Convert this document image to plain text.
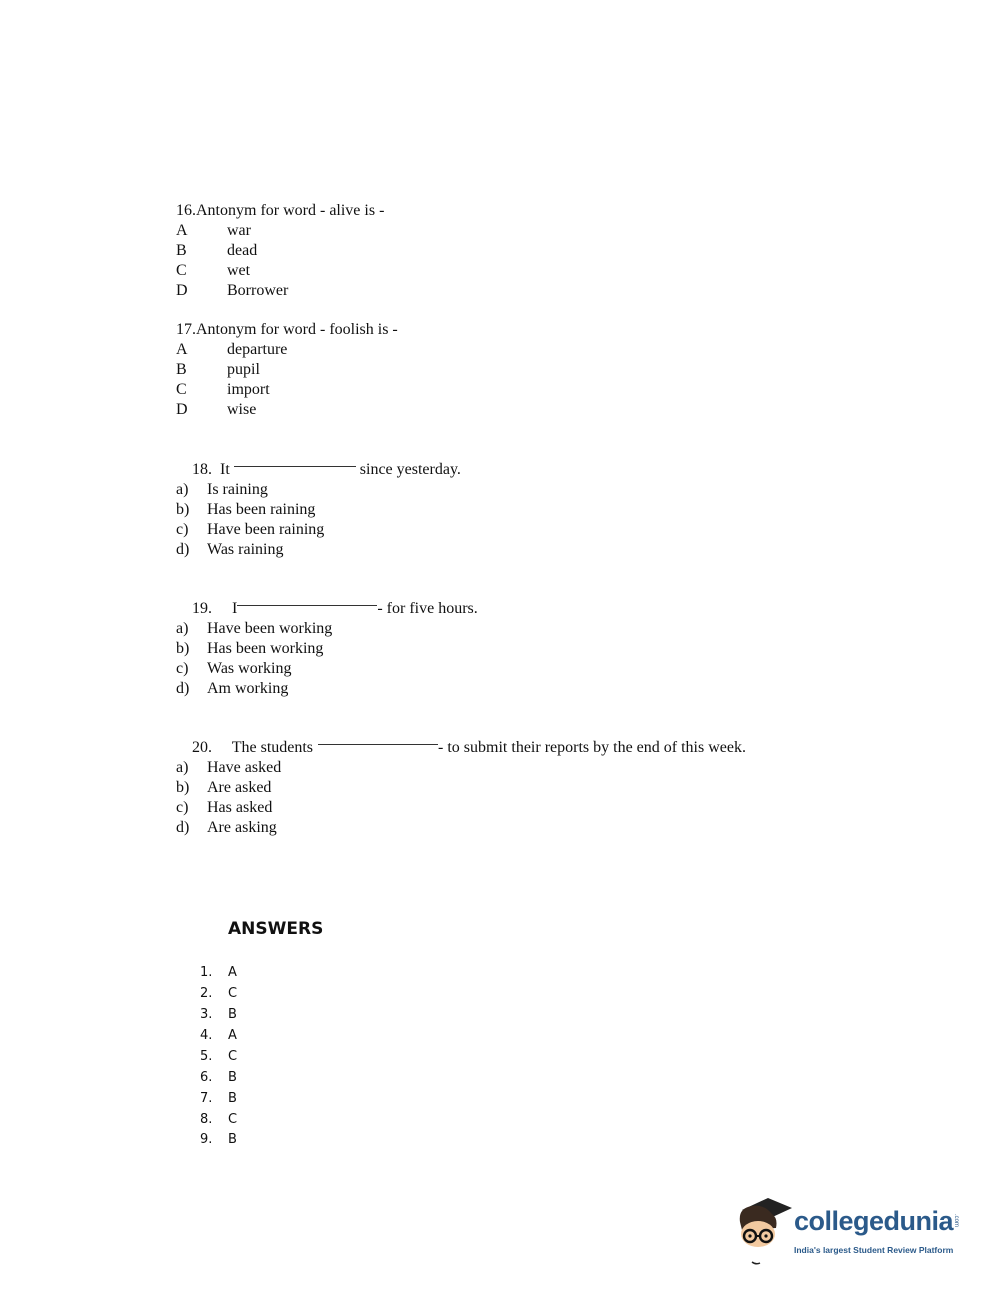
16.Antonym for word - alive is -
A war
B	dead
C	wet
D Borrower
17.Antonym for word - foolish is -
A departure
B	pupil
C	import
D wise

18.  It	since yesterday.

a) Is raining
b) Has been raining
c) Have been raining
d) Was raining

19.     I	- for five hours.

a) Have been working
b) Has been working
c) Was working
d) Am working

20.     The students	- to submit their reports by the end of this week.

a) Have asked
b) Are asked
c) Has asked
d) Are asking
ANSWERS
1. A
2. C
3. B
4. A
5. C
6. B
7. B
8. C
9. B
collegedunia .com
India's largest Student Review Platform
